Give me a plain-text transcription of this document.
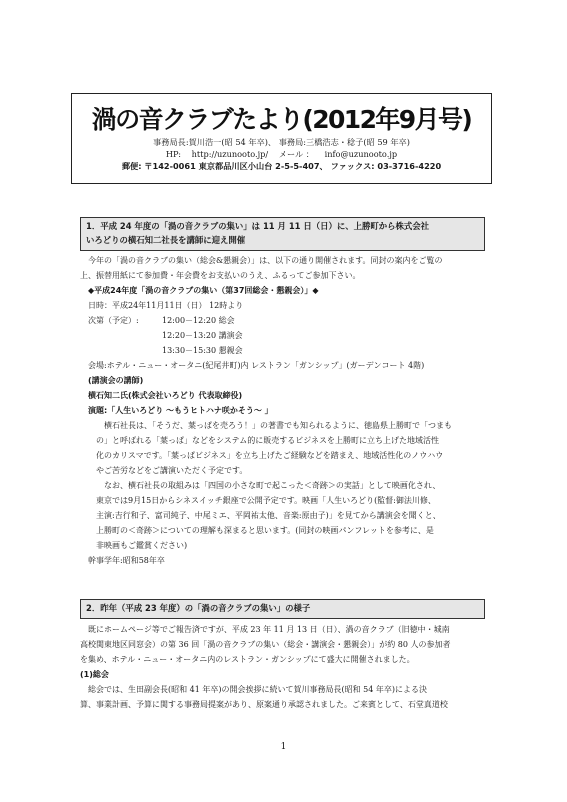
渦の音クラブたより(2012年9月号)
事務局長:賀川浩一(昭 54 年卒)、 事務局:三橋浩志・稔子(昭 59 年卒)
HP: http://uzunooto.jp/ メール ： info@uzunooto.jp
郵便: 〒142-0061 東京都品川区小山台 2-5-5-407、 ファックス: 03-3716-4220
1．平成 24 年度の「渦の音クラブの集い」は 11 月 11 日（日）に、上勝町から株式会社
いろどりの横石知二社長を講師に迎え開催

今年の「渦の音クラブの集い（総会&懇親会）」は、以下の通り開催されます。同封の案内をご覧の

上、振替用紙にて参加費・年会費をお支払いのうえ、ふるってご参加下さい。

◆平成24年度「渦の音クラブの集い（第37回総会・懇親会）」◆

日時：平成24年11月11日（日） 12時より

次第（予定）:	12:00－12:20 総会

12:20－13:20 講演会

13:30－15:30 懇親会

会場:ホテル・ニュー・オータニ(紀尾井町)内 レストラン「ガンシップ」(ガーデンコート 4階)

(講演会の講師)

横石知二氏(株式会社いろどり 代表取締役)

演題:「人生いろどり ～もうヒトハナ咲かそう～ 」

横石社長は、「そうだ、葉っぱを売ろう！」の著書でも知られるように、徳島県上勝町で「つまも

の」と呼ばれる「葉っぱ」などをシステム的に販売するビジネスを上勝町に立ち上げた地域活性

化のカリスマです。「葉っぱビジネス」を立ち上げたご経験などを踏まえ、地域活性化のノウハウ

やご苦労などをご講演いただく予定です。

なお、横石社長の取組みは「四国の小さな町で起こった＜奇跡＞の実話」として映画化され、

東京では9月15日からシネスイッチ銀座で公開予定です。映画「人生いろどり(監督:御法川修、

主演:吉行和子、富司純子、中尾ミエ、平岡祐太他、音楽:原由子)」を見てから講演会を聞くと、

上勝町の＜奇跡＞についての理解も深まると思います。(同封の映画パンフレットを参考に、是

非映画もご鑑賞ください)

幹事学年:昭和58年卒

2．昨年（平成 23 年度）の「渦の音クラブの集い」の様子

既にホームページ等でご報告済ですが、平成 23 年 11 月 13 日（日）、渦の音クラブ（旧徳中・城南

高校関東地区同窓会）の第 36 回「渦の音クラブの集い（総会・講演会・懇親会）」が約 80 人の参加者

を集め、ホテル・ニュー・オータニ内のレストラン・ガンシップにて盛大に開催されました。

(1)総会

総会では、生田副会長(昭和 41 年卒)の開会挨拶に続いて賀川事務局長(昭和 54 年卒)による決

算、事業計画、予算に関する事務局提案があり、原案通り承認されました。ご来賓として、石堂真道校

1
